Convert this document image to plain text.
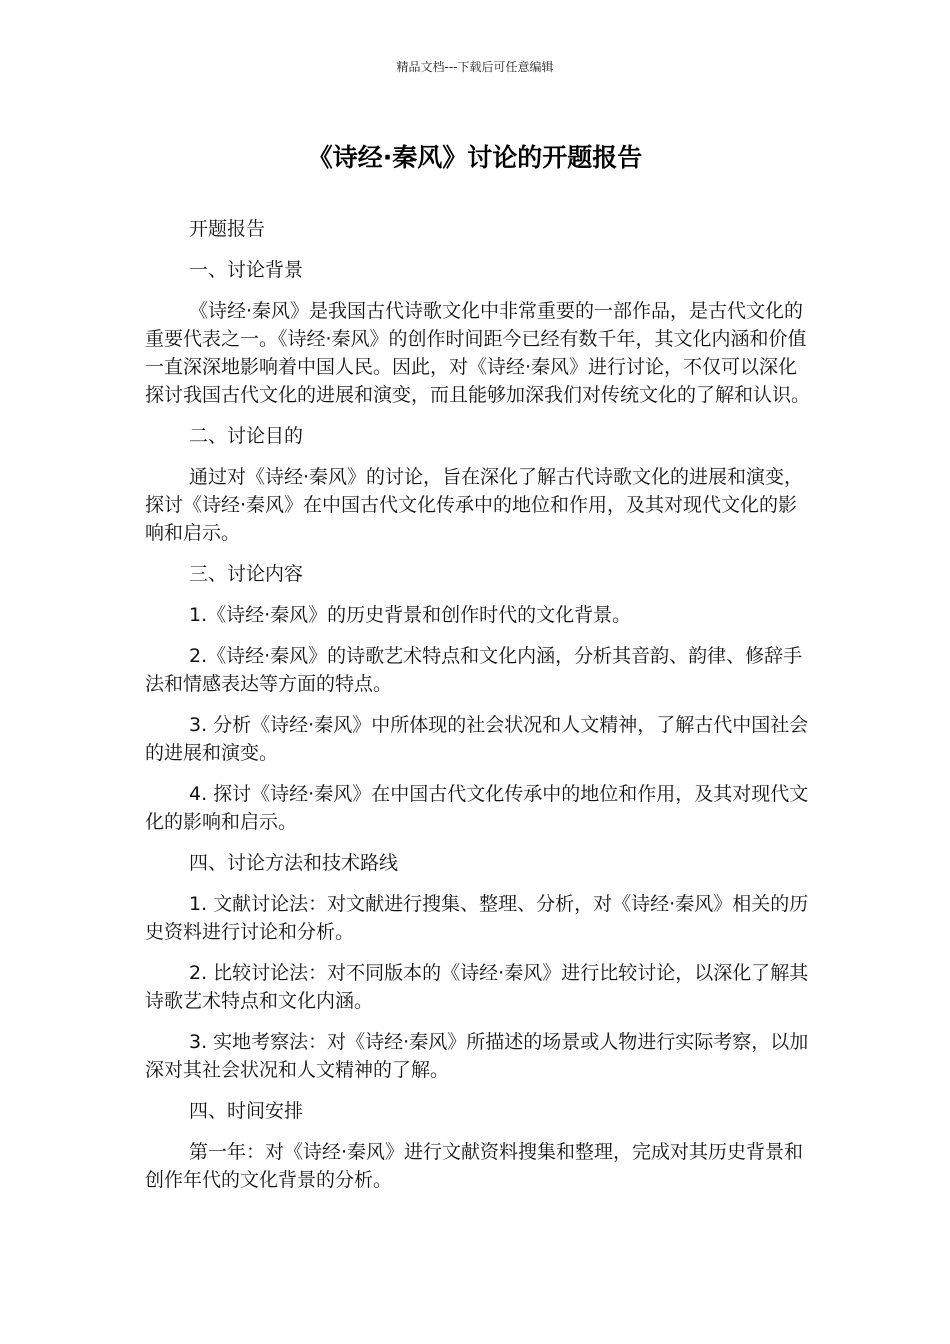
精品文档---下载后可任意编辑
《诗经·秦风》讨论的开题报告

开题报告

一、讨论背景

《诗经·秦风》是我国古代诗歌文化中非常重要的一部作品，是古代文化的重要代表之一。《诗经·秦风》的创作时间距今已经有数千年，其文化内涵和价值一直深深地影响着中国人民。因此，对《诗经·秦风》进行讨论，不仅可以深化探讨我国古代文化的进展和演变，而且能够加深我们对传统文化的了解和认识。

二、讨论目的

通过对《诗经·秦风》的讨论，旨在深化了解古代诗歌文化的进展和演变，探讨《诗经·秦风》在中国古代文化传承中的地位和作用，及其对现代文化的影响和启示。

三、讨论内容

1.《诗经·秦风》的历史背景和创作时代的文化背景。

2.《诗经·秦风》的诗歌艺术特点和文化内涵，分析其音韵、韵律、修辞手法和情感表达等方面的特点。

3. 分析《诗经·秦风》中所体现的社会状况和人文精神，了解古代中国社会的进展和演变。

4. 探讨《诗经·秦风》在中国古代文化传承中的地位和作用，及其对现代文化的影响和启示。

四、讨论方法和技术路线

1. 文献讨论法：对文献进行搜集、整理、分析，对《诗经·秦风》相关的历史资料进行讨论和分析。

2. 比较讨论法：对不同版本的《诗经·秦风》进行比较讨论，以深化了解其诗歌艺术特点和文化内涵。

3. 实地考察法：对《诗经·秦风》所描述的场景或人物进行实际考察，以加深对其社会状况和人文精神的了解。

四、时间安排

第一年：对《诗经·秦风》进行文献资料搜集和整理，完成对其历史背景和创作年代的文化背景的分析。
